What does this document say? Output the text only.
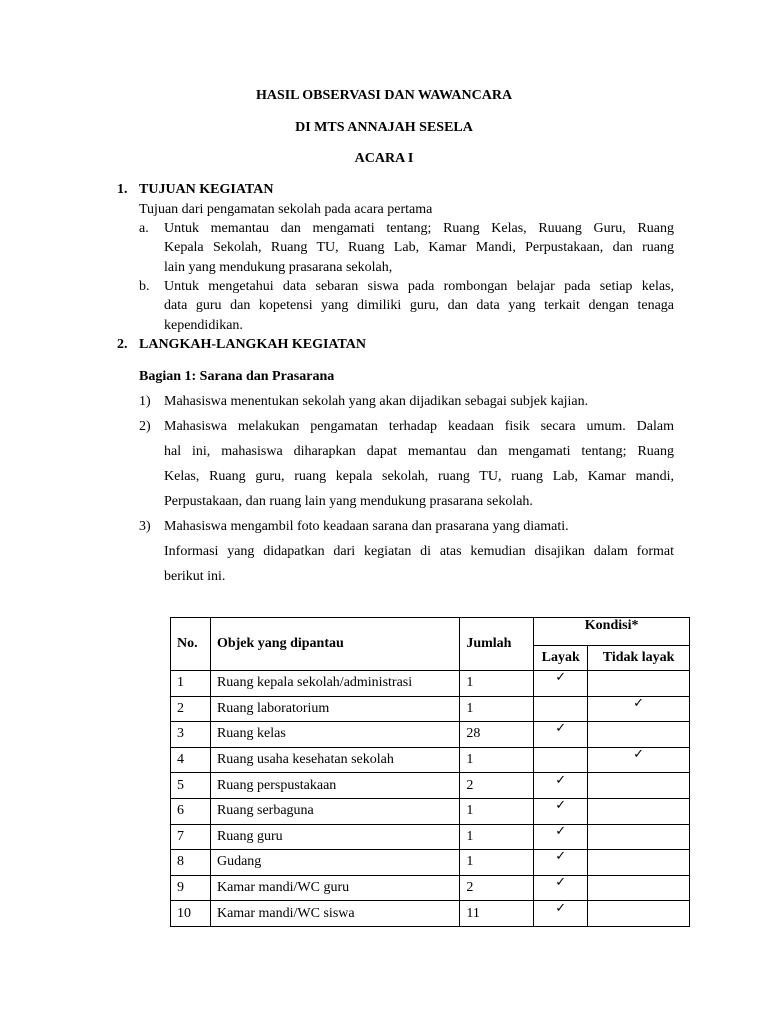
HASIL OBSERVASI DAN WAWANCARA
DI MTS ANNAJAH SESELA
ACARA I
1. TUJUAN KEGIATAN
Tujuan dari pengamatan sekolah pada acara pertama
a. Untuk memantau dan mengamati tentang; Ruang Kelas, Ruuang Guru, Ruang
Kepala Sekolah, Ruang TU, Ruang Lab, Kamar Mandi, Perpustakaan, dan ruang
lain yang mendukung prasarana sekolah,
b. Untuk mengetahui data sebaran siswa pada rombongan belajar pada setiap kelas,
data guru dan kopetensi yang dimiliki guru, dan data yang terkait dengan tenaga
kependidikan.
2. LANGKAH-LANGKAH KEGIATAN
Bagian 1: Sarana dan Prasarana
1) Mahasiswa menentukan sekolah yang akan dijadikan sebagai subjek kajian.
2) Mahasiswa melakukan pengamatan terhadap keadaan fisik secara umum. Dalam
hal ini, mahasiswa diharapkan dapat memantau dan mengamati tentang; Ruang
Kelas, Ruang guru, ruang kepala sekolah, ruang TU, ruang Lab, Kamar mandi,
Perpustakaan, dan ruang lain yang mendukung prasarana sekolah.
3) Mahasiswa mengambil foto keadaan sarana dan prasarana yang diamati.
Informasi yang didapatkan dari kegiatan di atas kemudian disajikan dalam format
berikut ini.
No.	Objek yang dipantau	Jumlah	Kondisi*	
			Layak	Tidak layak
1	Ruang kepala sekolah/administrasi	1	✓	
2	Ruang laboratorium	1		✓
3	Ruang kelas	28	✓	
4	Ruang usaha kesehatan sekolah	1		✓
5	Ruang perspustakaan	2	✓	
6	Ruang serbaguna	1	✓	
7	Ruang guru	1	✓	
8	Gudang	1	✓	
9	Kamar mandi/WC guru	2	✓	
10	Kamar mandi/WC siswa	11	✓	
